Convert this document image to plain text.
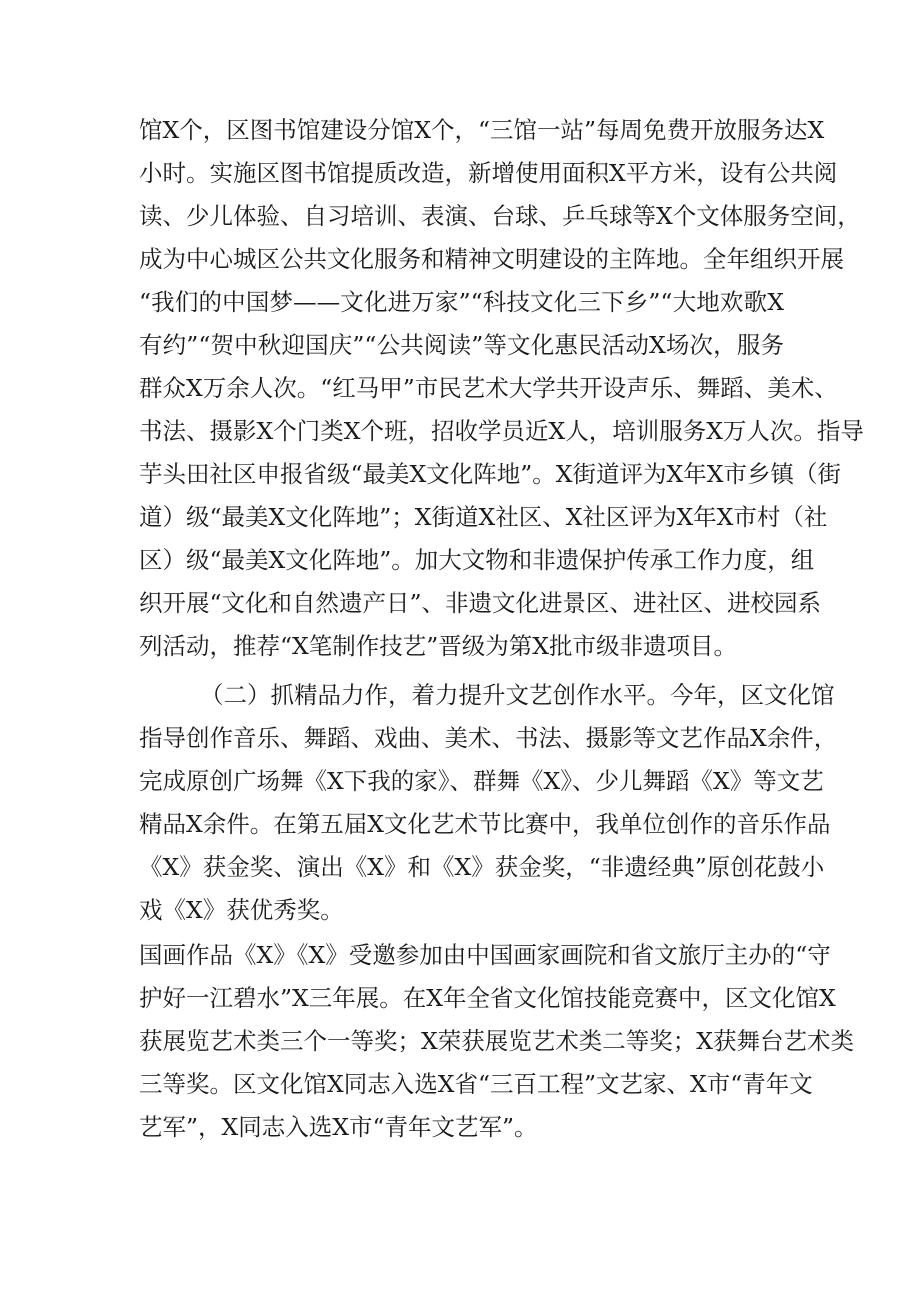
馆X个，区图书馆建设分馆X个，“三馆一站”每周免费开放服务达X
小时。实施区图书馆提质改造，新增使用面积X平方米，设有公共阅
读、少儿体验、自习培训、表演、台球、乒乓球等X个文体服务空间，
成为中心城区公共文化服务和精神文明建设的主阵地。全年组织开展
“我们的中国梦——文化进万家”“科技文化三下乡”“大地欢歌X
有约”“贺中秋迎国庆”“公共阅读”等文化惠民活动X场次，服务
群众X万余人次。“红马甲”市民艺术大学共开设声乐、舞蹈、美术、
书法、摄影X个门类X个班，招收学员近X人，培训服务X万人次。指导
芋头田社区申报省级“最美X文化阵地”。X街道评为X年X市乡镇（街
道）级“最美X文化阵地”；X街道X社区、X社区评为X年X市村（社
区）级“最美X文化阵地”。加大文物和非遗保护传承工作力度，组
织开展“文化和自然遗产日”、非遗文化进景区、进社区、进校园系
列活动，推荐“X笔制作技艺”晋级为第X批市级非遗项目。
（二）抓精品力作，着力提升文艺创作水平。今年，区文化馆
指导创作音乐、舞蹈、戏曲、美术、书法、摄影等文艺作品X余件，
完成原创广场舞《X下我的家》、群舞《X》、少儿舞蹈《X》等文艺
精品X余件。在第五届X文化艺术节比赛中，我单位创作的音乐作品
《X》获金奖、演出《X》和《X》获金奖，“非遗经典”原创花鼓小
戏《X》获优秀奖。
国画作品《X》《X》受邀参加由中国画家画院和省文旅厅主办的“守
护好一江碧水”X三年展。在X年全省文化馆技能竞赛中，区文化馆X
获展览艺术类三个一等奖；X荣获展览艺术类二等奖；X获舞台艺术类
三等奖。区文化馆X同志入选X省“三百工程”文艺家、X市“青年文
艺军”，X同志入选X市“青年文艺军”。
